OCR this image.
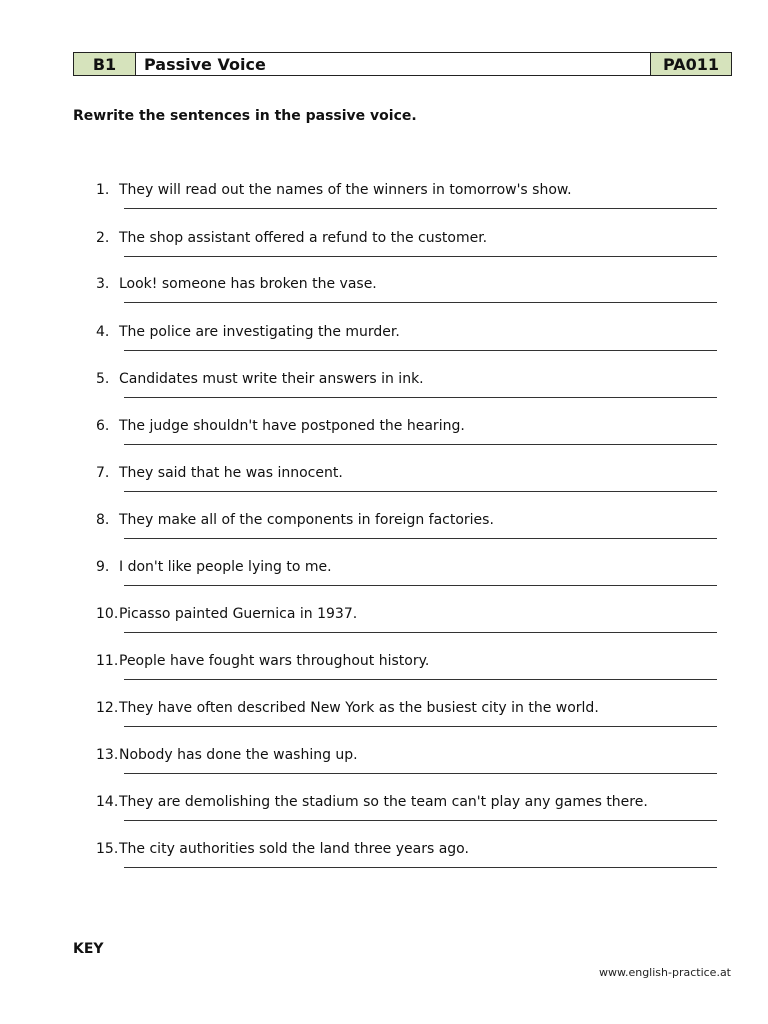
B1	Passive Voice	PA011
Rewrite the sentences in the passive voice.
1. They will read out the names of the winners in tomorrow's show.
2. The shop assistant offered a refund to the customer.
3. Look! someone has broken the vase.
4. The police are investigating the murder.
5. Candidates must write their answers in ink.
6. The judge shouldn't have postponed the hearing.
7. They said that he was innocent.
8. They make all of the components in foreign factories.
9. I don't like people lying to me.
10. Picasso painted Guernica in 1937.
11. People have fought wars throughout history.
12. They have often described New York as the busiest city in the world.
13. Nobody has done the washing up.
14. They are demolishing the stadium so the team can't play any games there.
15. The city authorities sold the land three years ago.
KEY
www.english-practice.at
